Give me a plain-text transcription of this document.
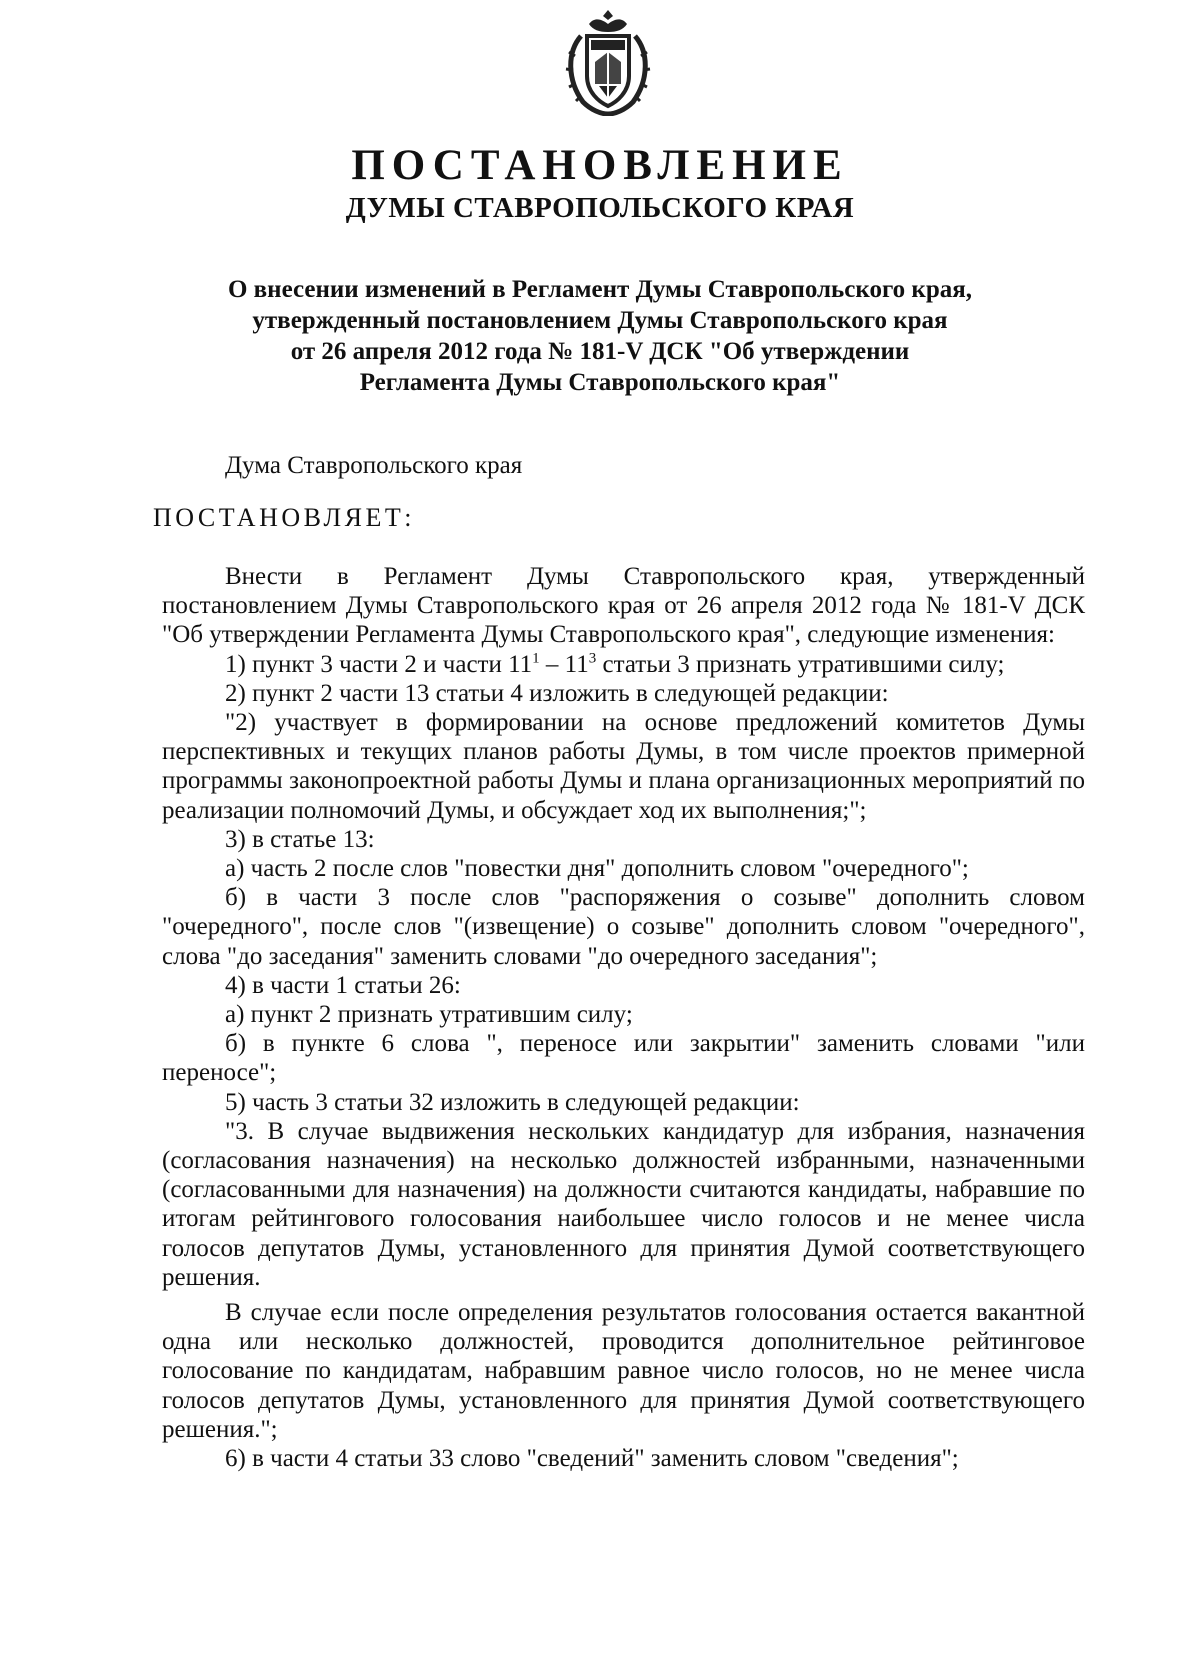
ПОСТАНОВЛЕНИЕ
ДУМЫ СТАВРОПОЛЬСКОГО КРАЯ
О внесении изменений в Регламент Думы Ставропольского края,
утвержденный постановлением Думы Ставропольского края
от 26 апреля 2012 года № 181-V ДСК "Об утверждении
Регламента Думы Ставропольского края"
Дума Ставропольского края
ПОСТАНОВЛЯЕТ:

Внести в Регламент Думы Ставропольского края, утвержденный постановлением Думы Ставропольского края от 26 апреля 2012 года № 181-V ДСК "Об утверждении Регламента Думы Ставропольского края", следующие изменения:

1) пункт 3 части 2 и части $11^1 - 11^3$ статьи 3 признать утратившими силу;

2) пункт 2 части 13 статьи 4 изложить в следующей редакции:

"2) участвует в формировании на основе предложений комитетов Думы перспективных и текущих планов работы Думы, в том числе проектов примерной программы законопроектной работы Думы и плана организационных мероприятий по реализации полномочий Думы, и обсуждает ход их выполнения;";

3) в статье 13:

а) часть 2 после слов "повестки дня" дополнить словом "очередного";

б) в части 3 после слов "распоряжения о созыве" дополнить словом "очередного", после слов "(извещение) о созыве" дополнить словом "очередного", слова "до заседания" заменить словами "до очередного заседания";

4) в части 1 статьи 26:

а) пункт 2 признать утратившим силу;

б) в пункте 6 слова ", переносе или закрытии" заменить словами "или переносе";

5) часть 3 статьи 32 изложить в следующей редакции:

"3. В случае выдвижения нескольких кандидатур для избрания, назначения (согласования назначения) на несколько должностей избранными, назначенными (согласованными для назначения) на должности считаются кандидаты, набравшие по итогам рейтингового голосования наибольшее число голосов и не менее числа голосов депутатов Думы, установленного для принятия Думой соответствующего решения.

В случае если после определения результатов голосования остается вакантной одна или несколько должностей, проводится дополнительное рейтинговое голосование по кандидатам, набравшим равное число голосов, но не менее числа голосов депутатов Думы, установленного для принятия Думой соответствующего решения.";

6) в части 4 статьи 33 слово "сведений" заменить словом "сведения";
